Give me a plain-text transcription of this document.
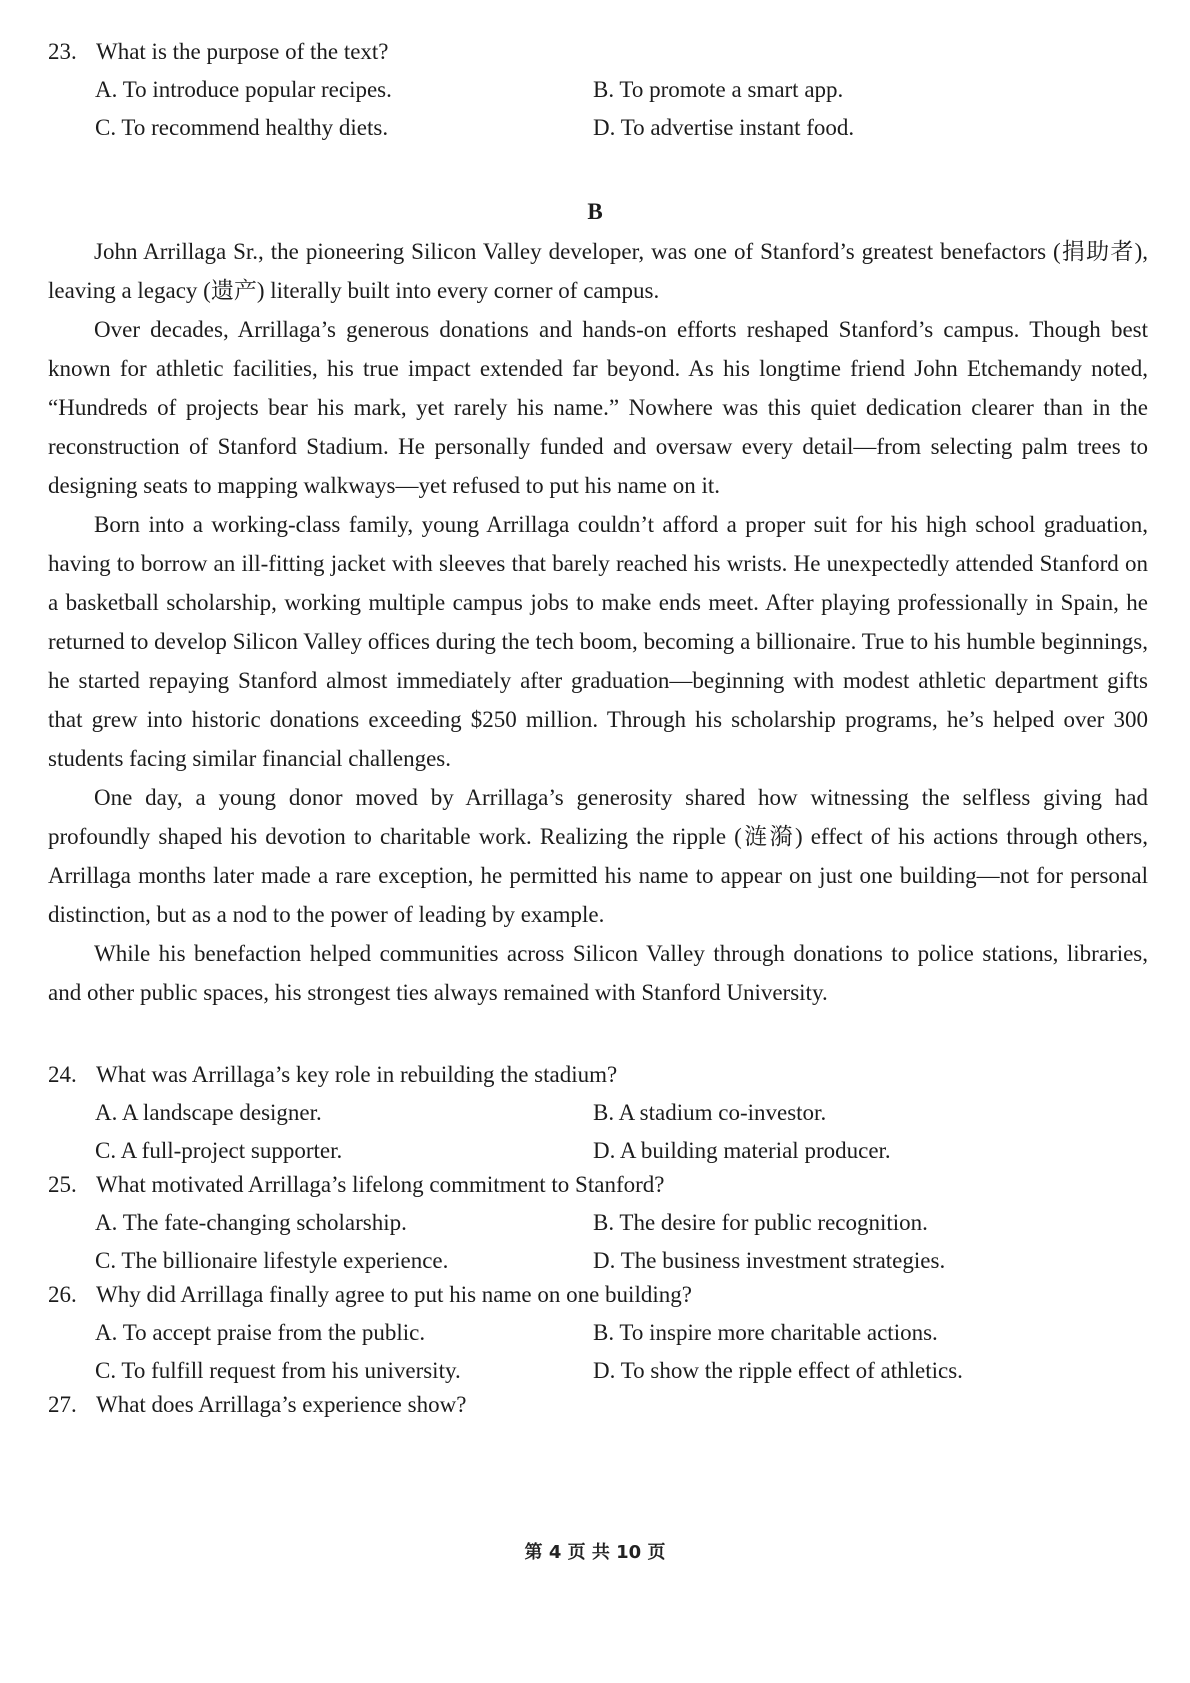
23. What is the purpose of the text?
A. To introduce popular recipes.	B. To promote a smart app.
C. To recommend healthy diets.	D. To advertise instant food.
B

John Arrillaga Sr., the pioneering Silicon Valley developer, was one of Stanford’s greatest benefactors (捐助者), leaving a legacy (遗产) literally built into every corner of campus.

Over decades, Arrillaga’s generous donations and hands-on efforts reshaped Stanford’s campus. Though best known for athletic facilities, his true impact extended far beyond. As his longtime friend John Etchemandy noted, “Hundreds of projects bear his mark, yet rarely his name.” Nowhere was this quiet dedication clearer than in the reconstruction of Stanford Stadium. He personally funded and oversaw every detail—from selecting palm trees to designing seats to mapping walkways—yet refused to put his name on it.

Born into a working-class family, young Arrillaga couldn’t afford a proper suit for his high school graduation, having to borrow an ill-fitting jacket with sleeves that barely reached his wrists. He unexpectedly attended Stanford on a basketball scholarship, working multiple campus jobs to make ends meet. After playing professionally in Spain, he returned to develop Silicon Valley offices during the tech boom, becoming a billionaire. True to his humble beginnings, he started repaying Stanford almost immediately after graduation—beginning with modest athletic department gifts that grew into historic donations exceeding $250 million. Through his scholarship programs, he’s helped over 300 students facing similar financial challenges.

One day, a young donor moved by Arrillaga’s generosity shared how witnessing the selfless giving had profoundly shaped his devotion to charitable work. Realizing the ripple (涟漪) effect of his actions through others, Arrillaga months later made a rare exception, he permitted his name to appear on just one building—not for personal distinction, but as a nod to the power of leading by example.

While his benefaction helped communities across Silicon Valley through donations to police stations, libraries, and other public spaces, his strongest ties always remained with Stanford University.

24. What was Arrillaga’s key role in rebuilding the stadium?
A. A landscape designer.	B. A stadium co-investor.
C. A full-project supporter.	D. A building material producer.
25. What motivated Arrillaga’s lifelong commitment to Stanford?
A. The fate-changing scholarship.	B. The desire for public recognition.
C. The billionaire lifestyle experience.	D. The business investment strategies.
26. Why did Arrillaga finally agree to put his name on one building?
A. To accept praise from the public.	B. To inspire more charitable actions.
C. To fulfill request from his university.	D. To show the ripple effect of athletics.
27. What does Arrillaga’s experience show?
第 4 页 共 10 页
